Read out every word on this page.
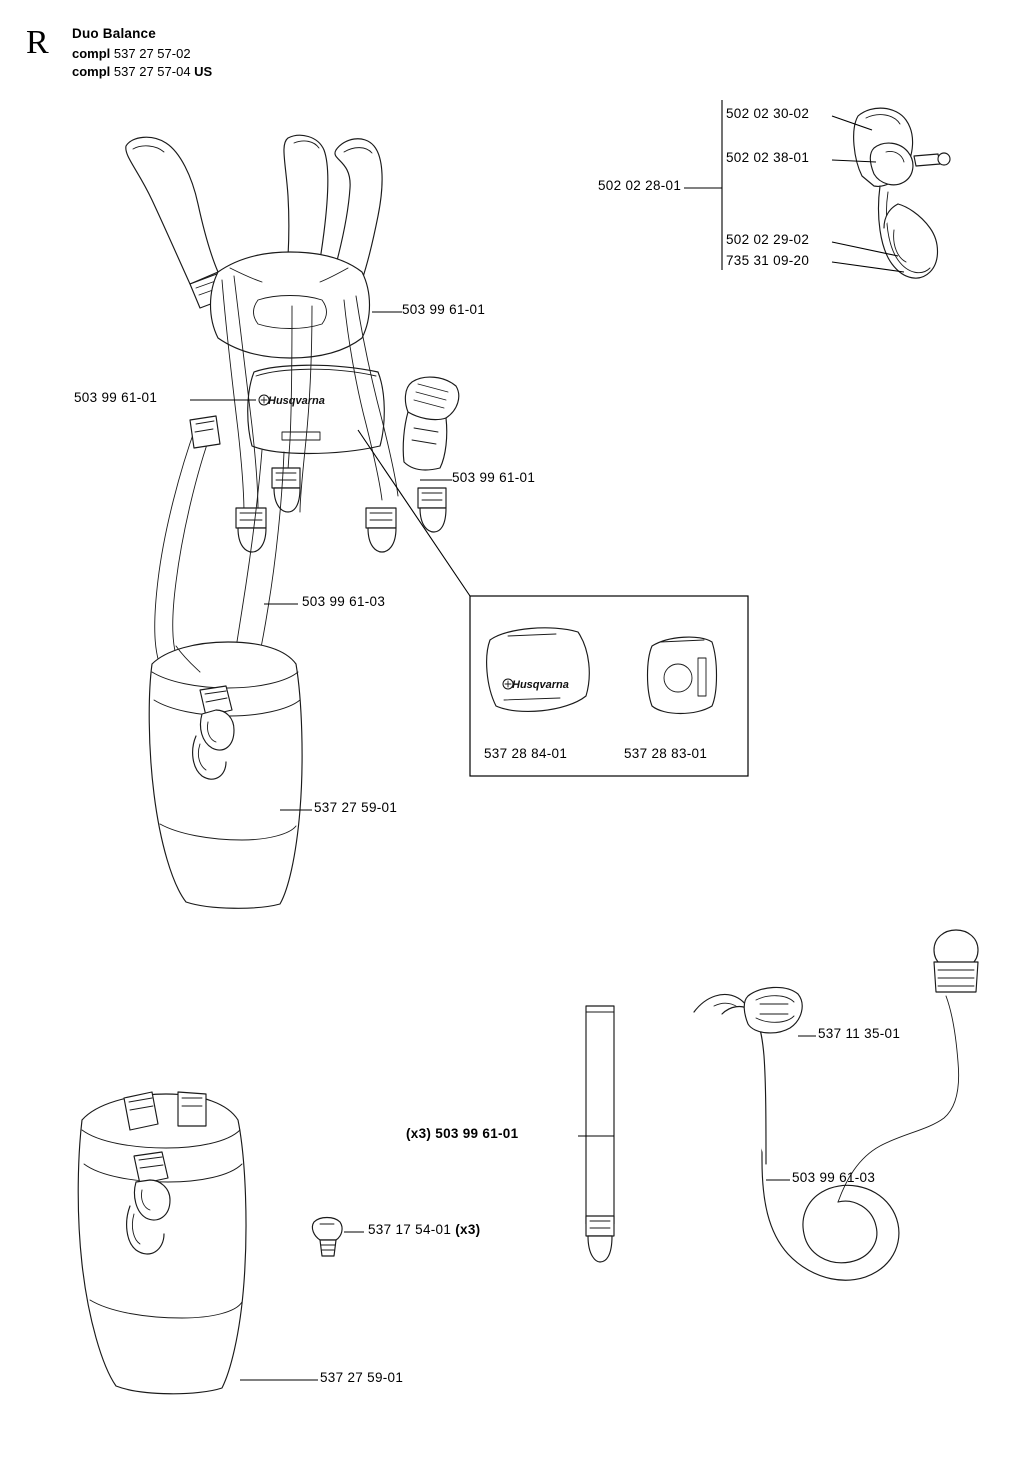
R Duo Balance
compl 537 27 57-02
compl 537 27 57-04 US
Husqvarna
Husqvarna
503 99 61-01
503 99 61-01
503 99 61-01
503 99 61-03
537 27 59-01
537 27 59-01
502 02 28-01
502 02 30-02
502 02 38-01
502 02 29-02
735 31 09-20
537 28 84-01	537 28 83-01
(x3) 503 99 61-01
537 17 54-01 (x3)
537 11 35-01
503 99 61-03
